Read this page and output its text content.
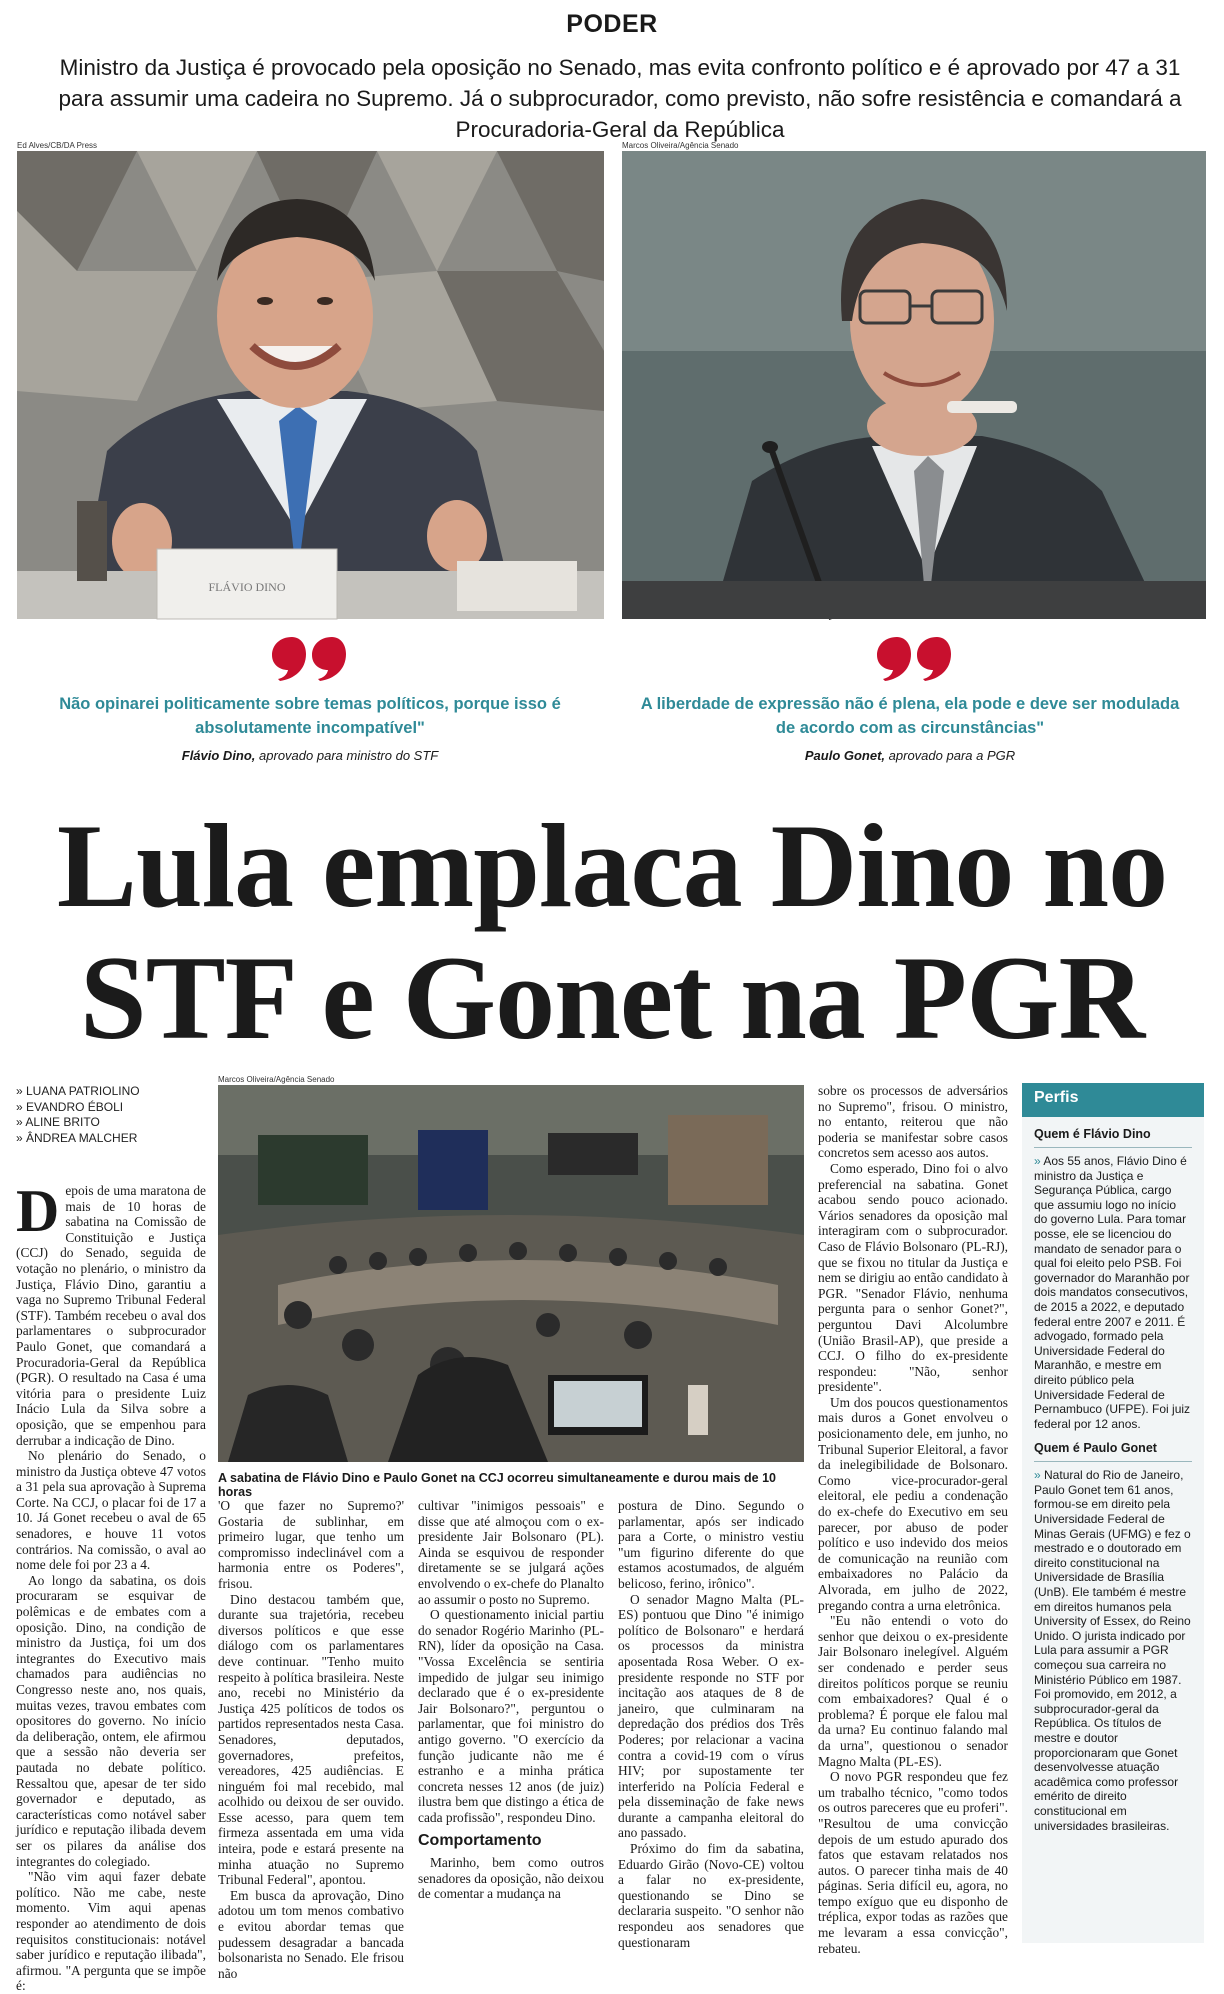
PODER
Ministro da Justiça é provocado pela oposição no Senado, mas evita confronto político e é aprovado por 47 a 31 para assumir uma cadeira no Supremo. Já o subprocurador, como previsto, não sofre resistência e comandará a Procuradoria-Geral da República
Ed Alves/CB/DA Press	Marcos Oliveira/Agência Senado
FLÁVIO DINO
Não opinarei politicamente sobre temas políticos, porque isso é absolutamente incompatível"
Flávio Dino, aprovado para ministro do STF
A liberdade de expressão não é plena, ela pode e deve ser modulada de acordo com as circunstâncias"
Paulo Gonet, aprovado para a PGR
Lula emplaca Dino no
STF e Gonet na PGR
» LUANA PATRIOLINO
» EVANDRO ÉBOLI
» ALINE BRITO
» ÂNDREA MALCHER
Marcos Oliveira/Agência Senado
A sabatina de Flávio Dino e Paulo Gonet na CCJ ocorreu simultaneamente e durou mais de 10 horas

Depois de uma maratona de mais de 10 horas de sabatina na Comissão de Constituição e Justiça (CCJ) do Senado, seguida de votação no plenário, o ministro da Justiça, Flávio Dino, garantiu a vaga no Supremo Tribunal Federal (STF). Também recebeu o aval dos parlamentares o subprocurador Paulo Gonet, que comandará a Procuradoria-Geral da República (PGR). O resultado na Casa é uma vitória para o presidente Luiz Inácio Lula da Silva sobre a oposição, que se empenhou para derrubar a indicação de Dino.

No plenário do Senado, o ministro da Justiça obteve 47 votos a 31 pela sua aprovação à Suprema Corte. Na CCJ, o placar foi de 17 a 10. Já Gonet recebeu o aval de 65 senadores, e houve 11 votos contrários. Na comissão, o aval ao nome dele foi por 23 a 4.

Ao longo da sabatina, os dois procuraram se esquivar de polêmicas e de embates com a oposição. Dino, na condição de ministro da Justiça, foi um dos integrantes do Executivo mais chamados para audiências no Congresso neste ano, nos quais, muitas vezes, travou embates com opositores do governo. No início da deliberação, ontem, ele afirmou que a sessão não deveria ser pautada no debate político. Ressaltou que, apesar de ter sido governador e deputado, as características como notável saber jurídico e reputação ilibada devem ser os pilares da análise dos integrantes do colegiado.

"Não vim aqui fazer debate político. Não me cabe, neste momento. Vim aqui apenas responder ao atendimento de dois requisitos constitucionais: notável saber jurídico e reputação ilibada", afirmou. "A pergunta que se impõe é:

'O que fazer no Supremo?' Gostaria de sublinhar, em primeiro lugar, que tenho um compromisso indeclinável com a harmonia entre os Poderes", frisou.

Dino destacou também que, durante sua trajetória, recebeu diversos políticos e que esse diálogo com os parlamentares deve continuar. "Tenho muito respeito à política brasileira. Neste ano, recebi no Ministério da Justiça 425 políticos de todos os partidos representados nesta Casa. Senadores, deputados, governadores, prefeitos, vereadores, 425 audiências. E ninguém foi mal recebido, mal acolhido ou deixou de ser ouvido. Esse acesso, para quem tem firmeza assentada em uma vida inteira, pode e estará presente na minha atuação no Supremo Tribunal Federal", apontou.

Em busca da aprovação, Dino adotou um tom menos combativo e evitou abordar temas que pudessem desagradar a bancada bolsonarista no Senado. Ele frisou não

cultivar "inimigos pessoais" e disse que até almoçou com o ex-presidente Jair Bolsonaro (PL). Ainda se esquivou de responder diretamente se se julgará ações envolvendo o ex-chefe do Planalto ao assumir o posto no Supremo.

O questionamento inicial partiu do senador Rogério Marinho (PL-RN), líder da oposição na Casa. "Vossa Excelência se sentiria impedido de julgar seu inimigo declarado que é o ex-presidente Jair Bolsonaro?", perguntou o parlamentar, que foi ministro do antigo governo. "O exercício da função judicante não me é estranho e a minha prática concreta nesses 12 anos (de juiz) ilustra bem que distingo a ética de cada profissão", respondeu Dino.

Comportamento

Marinho, bem como outros senadores da oposição, não deixou de comentar a mudança na

postura de Dino. Segundo o parlamentar, após ser indicado para a Corte, o ministro vestiu "um figurino diferente do que estamos acostumados, de alguém belicoso, ferino, irônico".

O senador Magno Malta (PL-ES) pontuou que Dino "é inimigo político de Bolsonaro" e herdará os processos da ministra aposentada Rosa Weber. O ex-presidente responde no STF por incitação aos ataques de 8 de janeiro, que culminaram na depredação dos prédios dos Três Poderes; por relacionar a vacina contra a covid-19 com o vírus HIV; por supostamente ter interferido na Polícia Federal e pela disseminação de fake news durante a campanha eleitoral do ano passado.

Próximo do fim da sabatina, Eduardo Girão (Novo-CE) voltou a falar no ex-presidente, questionando se Dino se declararia suspeito. "O senhor não respondeu aos senadores que questionaram

sobre os processos de adversários no Supremo", frisou. O ministro, no entanto, reiterou que não poderia se manifestar sobre casos concretos sem acesso aos autos.

Como esperado, Dino foi o alvo preferencial na sabatina. Gonet acabou sendo pouco acionado. Vários senadores da oposição mal interagiram com o subprocurador. Caso de Flávio Bolsonaro (PL-RJ), que se fixou no titular da Justiça e nem se dirigiu ao então candidato à PGR. "Senador Flávio, nenhuma pergunta para o senhor Gonet?", perguntou Davi Alcolumbre (União Brasil-AP), que preside a CCJ. O filho do ex-presidente respondeu: "Não, senhor presidente".

Um dos poucos questionamentos mais duros a Gonet envolveu o posicionamento dele, em junho, no Tribunal Superior Eleitoral, a favor da inelegibilidade de Bolsonaro. Como vice-procurador-geral eleitoral, ele pediu a condenação do ex-chefe do Executivo em seu parecer, por abuso de poder político e uso indevido dos meios de comunicação na reunião com embaixadores no Palácio da Alvorada, em julho de 2022, pregando contra a urna eletrônica.

"Eu não entendi o voto do senhor que deixou o ex-presidente Jair Bolsonaro inelegível. Alguém ser condenado e perder seus direitos políticos porque se reuniu com embaixadores? Qual é o problema? É porque ele falou mal da urna? Eu continuo falando mal da urna", questionou o senador Magno Malta (PL-ES).

O novo PGR respondeu que fez um trabalho técnico, "como todos os outros pareceres que eu proferi". "Resultou de uma convicção depois de um estudo apurado dos fatos que estavam relatados nos autos. O parecer tinha mais de 40 páginas. Seria difícil eu, agora, no tempo exíguo que eu disponho de tréplica, expor todas as razões que me levaram a essa convicção", rebateu.

Perfis
Quem é Flávio Dino
» Aos 55 anos, Flávio Dino é ministro da Justiça e Segurança Pública, cargo que assumiu logo no início do governo Lula. Para tomar posse, ele se licenciou do mandato de senador para o qual foi eleito pelo PSB. Foi governador do Maranhão por dois mandatos consecutivos, de 2015 a 2022, e deputado federal entre 2007 e 2011. É advogado, formado pela Universidade Federal do Maranhão, e mestre em direito público pela Universidade Federal de Pernambuco (UFPE). Foi juiz federal por 12 anos.
Quem é Paulo Gonet
» Natural do Rio de Janeiro, Paulo Gonet tem 61 anos, formou-se em direito pela Universidade Federal de Minas Gerais (UFMG) e fez o mestrado e o doutorado em direito constitucional na Universidade de Brasília (UnB). Ele também é mestre em direitos humanos pela University of Essex, do Reino Unido. O jurista indicado por Lula para assumir a PGR começou sua carreira no Ministério Público em 1987. Foi promovido, em 2012, a subprocurador-geral da República. Os títulos de mestre e doutor proporcionaram que Gonet desenvolvesse atuação acadêmica como professor emérito de direito constitucional em universidades brasileiras.
